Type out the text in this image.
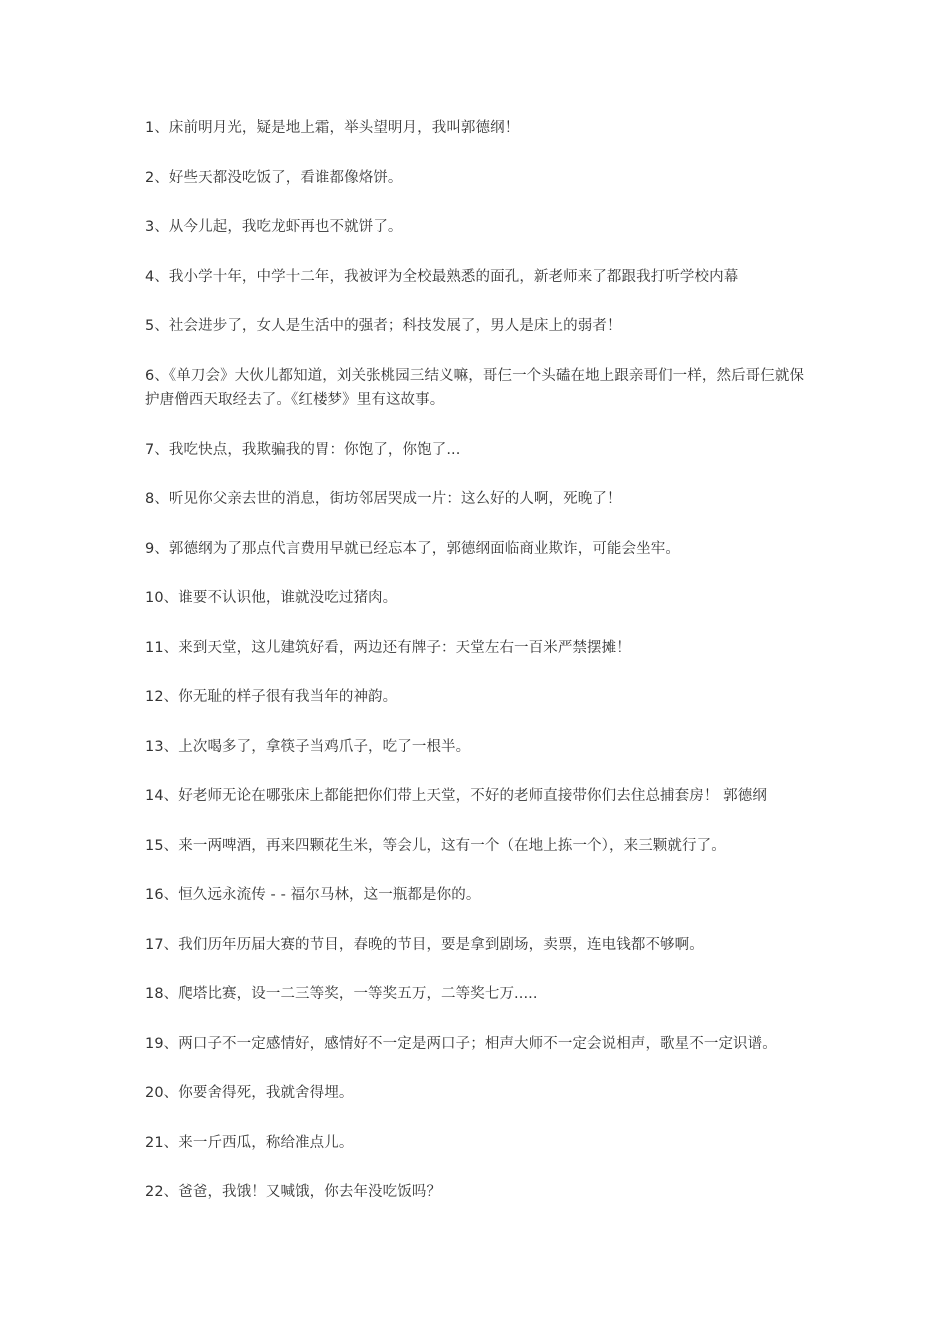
1、床前明月光，疑是地上霜，举头望明月，我叫郭德纲！

2、好些天都没吃饭了，看谁都像烙饼。

3、从今儿起，我吃龙虾再也不就饼了。

4、我小学十年，中学十二年，我被评为全校最熟悉的面孔，新老师来了都跟我打听学校内幕

5、社会进步了，女人是生活中的强者；科技发展了，男人是床上的弱者！

6、《单刀会》大伙儿都知道，刘关张桃园三结义嘛，哥仨一个头磕在地上跟亲哥们一样，然后哥仨就保护唐僧西天取经去了。《红楼梦》里有这故事。

7、我吃快点，我欺骗我的胃：你饱了，你饱了...

8、听见你父亲去世的消息，街坊邻居哭成一片：这么好的人啊，死晚了！

9、郭德纲为了那点代言费用早就已经忘本了，郭德纲面临商业欺诈，可能会坐牢。

10、谁要不认识他，谁就没吃过猪肉。

11、来到天堂，这儿建筑好看，两边还有牌子：天堂左右一百米严禁摆摊！

12、你无耻的样子很有我当年的神韵。

13、上次喝多了，拿筷子当鸡爪子，吃了一根半。

14、好老师无论在哪张床上都能把你们带上天堂，不好的老师直接带你们去住总捕套房！ 郭德纲

15、来一两啤酒，再来四颗花生米，等会儿，这有一个（在地上拣一个），来三颗就行了。

16、恒久远永流传 - - 福尔马林，这一瓶都是你的。

17、我们历年历届大赛的节目，春晚的节目，要是拿到剧场，卖票，连电钱都不够啊。

18、爬塔比赛，设一二三等奖，一等奖五万，二等奖七万.....

19、两口子不一定感情好，感情好不一定是两口子；相声大师不一定会说相声，歌星不一定识谱。

20、你要舍得死，我就舍得埋。

21、来一斤西瓜，称给准点儿。

22、爸爸，我饿！又喊饿，你去年没吃饭吗？
